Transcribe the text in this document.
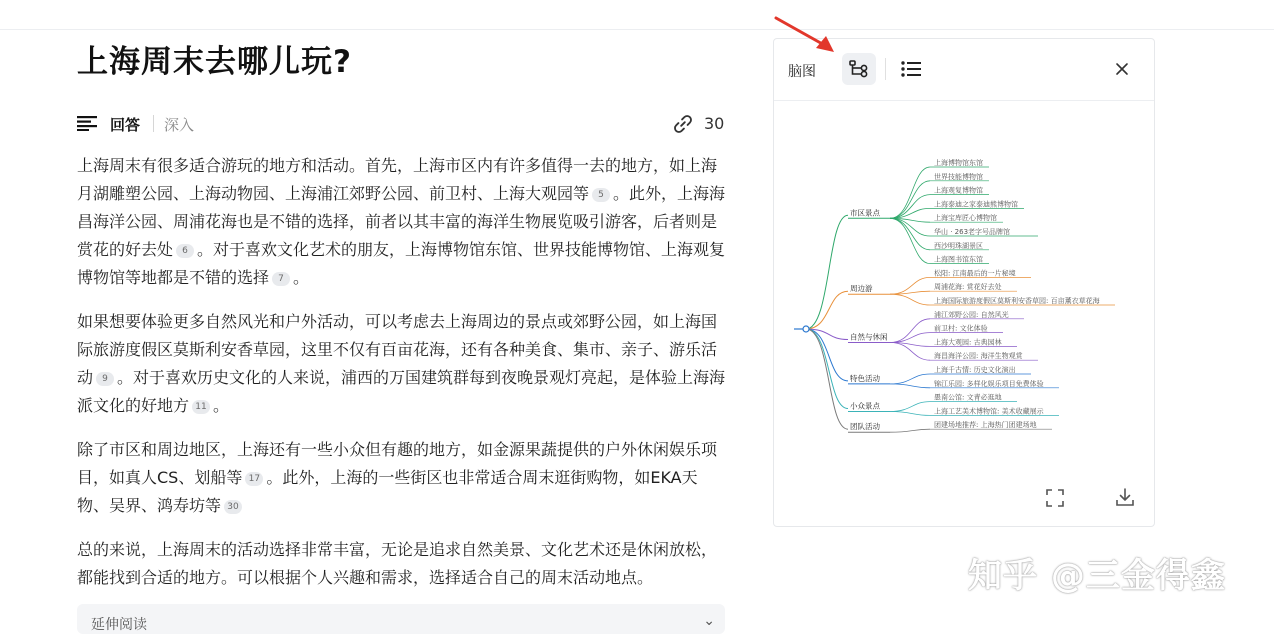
上海周末去哪儿玩?
回答 深入	30
上海周末有很多适合游玩的地方和活动。首先，上海市区内有许多值得一去的地方，如上海
月湖雕塑公园、上海动物园、上海浦江郊野公园、前卫村、上海大观园等 5 。此外，上海海
昌海洋公园、周浦花海也是不错的选择，前者以其丰富的海洋生物展览吸引游客，后者则是
赏花的好去处 6 。对于喜欢文化艺术的朋友，上海博物馆东馆、世界技能博物馆、上海观复
博物馆等地都是不错的选择 7 。
如果想要体验更多自然风光和户外活动，可以考虑去上海周边的景点或郊野公园，如上海国
际旅游度假区莫斯利安香草园，这里不仅有百亩花海，还有各种美食、集市、亲子、游乐活
动 9 。对于喜欢历史文化的人来说，浦西的万国建筑群每到夜晚景观灯亮起，是体验上海海
派文化的好地方 11 。
除了市区和周边地区，上海还有一些小众但有趣的地方，如金源果蔬提供的户外休闲娱乐项
目，如真人CS、划船等 17 。此外，上海的一些街区也非常适合周末逛街购物，如EKA天
物、吴界、鸿寿坊等 30
总的来说，上海周末的活动选择非常丰富，无论是追求自然美景、文化艺术还是休闲放松，
都能找到合适的地方。可以根据个人兴趣和需求，选择适合自己的周末活动地点。
延伸阅读	⌄
脑图
市区景点
上海博物馆东馆
世界技能博物馆
上海观复博物馆
上海泰迪之家泰迪熊博物馆
上海宝库匠心博物馆
华山 · 263老字号品牌馆
西沙明珠湖景区
上海图书馆东馆
周边游
松阳: 江南最后的一片秘境
周浦花海: 赏花好去处
上海国际旅游度假区莫斯利安香草园: 百亩薰衣草花海
自然与休闲
浦江郊野公园: 自然风光
前卫村: 文化体验
上海大观园: 古典园林
海昌海洋公园: 海洋生物观赏
特色活动
上海千古情: 历史文化演出
锦江乐园: 多样化娱乐项目免费体验
小众景点
愚南公馆: 文青必逛地
上海工艺美术博物馆: 美术收藏展示
团队活动	团建场地推荐: 上海热门团建场地
知乎 @三金得鑫
